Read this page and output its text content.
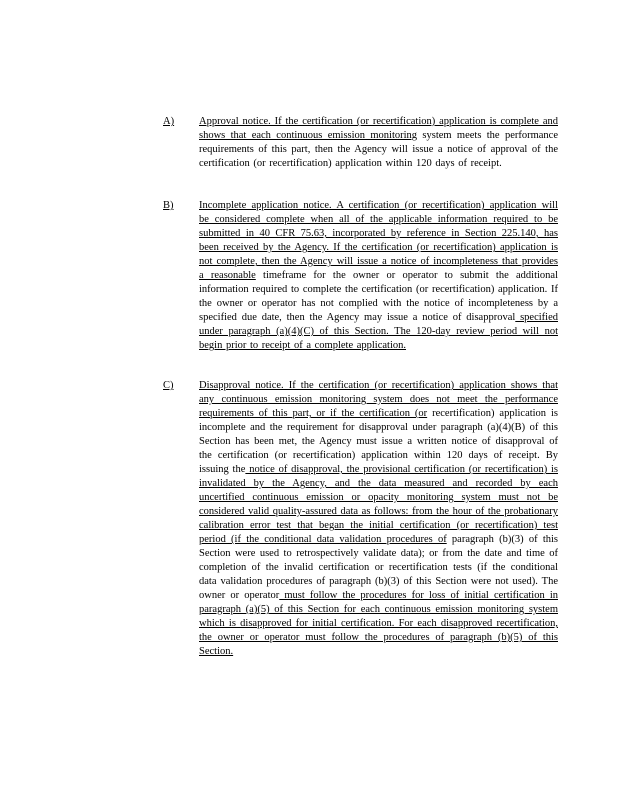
A) Approval notice. If the certification (or recertification) application is complete and shows that each continuous emission monitoring system meets the performance requirements of this part, then the Agency will issue a notice of approval of the certification (or recertification) application within 120 days of receipt.

B) Incomplete application notice. A certification (or recertification) application will be considered complete when all of the applicable information required to be submitted in 40 CFR 75.63, incorporated by reference in Section 225.140, has been received by the Agency. If the certification (or recertification) application is not complete, then the Agency will issue a notice of incompleteness that provides a reasonable timeframe for the owner or operator to submit the additional information required to complete the certification (or recertification) application. If the owner or operator has not complied with the notice of incompleteness by a specified due date, then the Agency may issue a notice of disapproval specified under paragraph (a)(4)(C) of this Section. The 120-day review period will not begin prior to receipt of a complete application.

C) Disapproval notice. If the certification (or recertification) application shows that any continuous emission monitoring system does not meet the performance requirements of this part, or if the certification (or recertification) application is incomplete and the requirement for disapproval under paragraph (a)(4)(B) of this Section has been met, the Agency must issue a written notice of disapproval of the certification (or recertification) application within 120 days of receipt. By issuing the notice of disapproval, the provisional certification (or recertification) is invalidated by the Agency, and the data measured and recorded by each uncertified continuous emission or opacity monitoring system must not be considered valid quality-assured data as follows: from the hour of the probationary calibration error test that began the initial certification (or recertification) test period (if the conditional data validation procedures of paragraph (b)(3) of this Section were used to retrospectively validate data); or from the date and time of completion of the invalid certification or recertification tests (if the conditional data validation procedures of paragraph (b)(3) of this Section were not used). The owner or operator must follow the procedures for loss of initial certification in paragraph (a)(5) of this Section for each continuous emission monitoring system which is disapproved for initial certification. For each disapproved recertification, the owner or operator must follow the procedures of paragraph (b)(5) of this Section.
